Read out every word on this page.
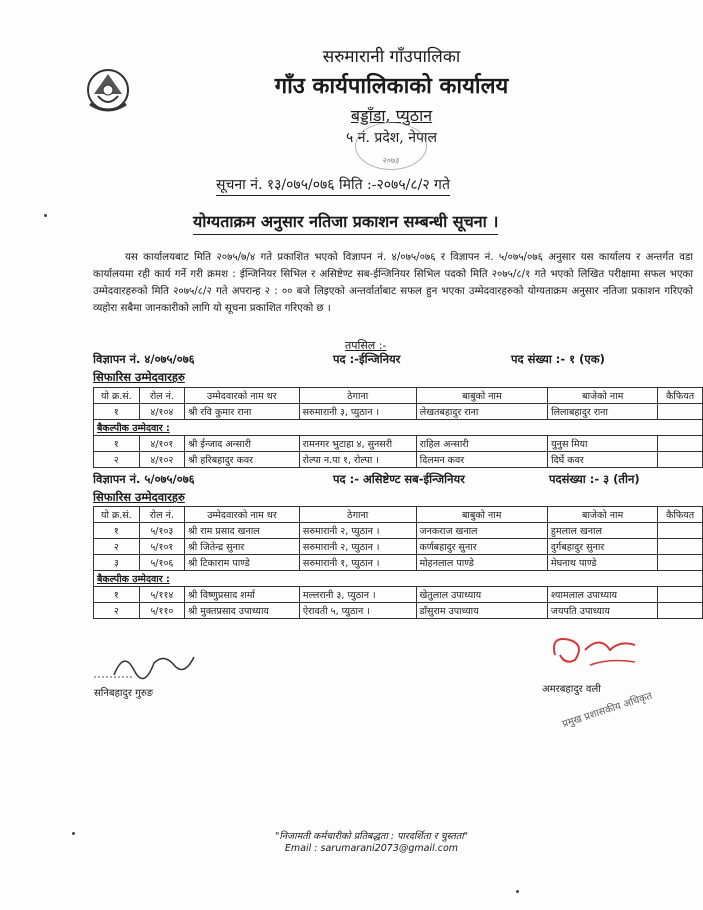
सरुमारानी गाँउपालिका
गाँउ कार्यपालिकाको कार्यालय
बड्डाँडा, प्युठान
५ नं. प्रदेश, नेपाल
२०७३
सूचना नं. १३/०७५/०७६ मिति :-२०७५/८/२ गते
योग्यताक्रम अनुसार नतिजा प्रकाशन सम्बन्धी सूचना ।
यस कार्यालयबाट मिति २०७५/७/४ गते प्रकाशित भएको विज्ञापन नं. ४/०७५/०७६ र विज्ञापन नं. ५/०७५/०७६ अनुसार यस कार्यालय र अन्तर्गत वडा कार्यालयमा रही कार्य गर्ने गरी क्रमश : ईन्जिनियर सिभिल र असिष्टेण्ट सब-ईन्जिनियर सिभिल पदको मिति २०७५/८/१ गते भएको लिखित परीक्षामा सफल भएका उम्मेदवारहरुको मिति २०७५/८/२ गते अपरान्ह २ : ०० बजे लिइएको अन्तर्वार्ताबाट सफल हुन भएका उम्मेदवारहरुको योग्यताक्रम अनुसार नतिजा प्रकाशन गरिएको व्यहोरा सबैमा जानकारीको लागि यो सूचना प्रकाशित गरिएको छ ।
तपसिल :-
विज्ञापन नं. ४/०७५/०७६	पद :-ईन्जिनियर	पद संख्या :- १ (एक)
सिफारिस उम्मेदवारहरु
यो क्र.सं.	रोल नं.	उम्मेदवारको नाम थर	ठेगाना	बाबुको नाम	बाजेको नाम	कैफियत
१	४/१०४	श्री रवि कुमार राना	सरुमारानी ३, प्युठान ।	लेखतबहादुर राना	लिलाबहादुर राना	
बैकल्पीक उम्मेदवार :						
१	४/१०१	श्री ईन्जाद अन्सारी	रामनगर भुटाहा ४, सुनसरी	राहिल अन्सारी	युनुस मिया	
२	४/१०२	श्री हरिबहादुर कवर	रोल्पा न.पा १, रोल्पा ।	दिलमन कवर	दिर्घे कवर	
विज्ञापन नं. ५/०७५/०७६	पद :- असिष्टेण्ट सब-ईन्जिनियर	पदसंख्या :- ३ (तीन)
सिफारिस उम्मेदवारहरु
यो क्र.सं.	रोल नं.	उम्मेदवारको नाम थर	ठेगाना	बाबुको नाम	बाजेको नाम	कैफियत
१	५/१०३	श्री राम प्रसाद खनाल	सरुमारानी २, प्युठान ।	जनकराज खनाल	हुमलाल खनाल	
२	५/१०१	श्री जितेन्द्र सुनार	सरुमारानी २, प्युठान ।	कर्णबहादुर सुनार	दुर्गबहादुर सुनार	
३	५/१०६	श्री टिकाराम पाण्डे	सरुमारानी १, प्युठान ।	मोहनलाल पाण्डे	मेघनाथ पाण्डे	
बैकल्पीक उम्मेदवार :						
१	५/११४	श्री विष्णुप्रसाद शर्मा	मल्लरानी ३, प्युठान ।	खेतुलाल उपाध्याय	श्यामलाल उपाध्याय	
२	५/११०	श्री मुक्तप्रसाद उपाध्याय	ऐरावती ५, प्युठान ।	डाँसुराम उपाध्याय	जयपति उपाध्याय	
सनिबहादुर गुरुङ	अमरबहादुर वली
प्रमुख प्रशासकीय अधिकृत
"निजामती कर्मचारीको प्रतिबद्धता : पारदर्शिता र चुस्तता"
Email : sarumarani2073@gmail.com
